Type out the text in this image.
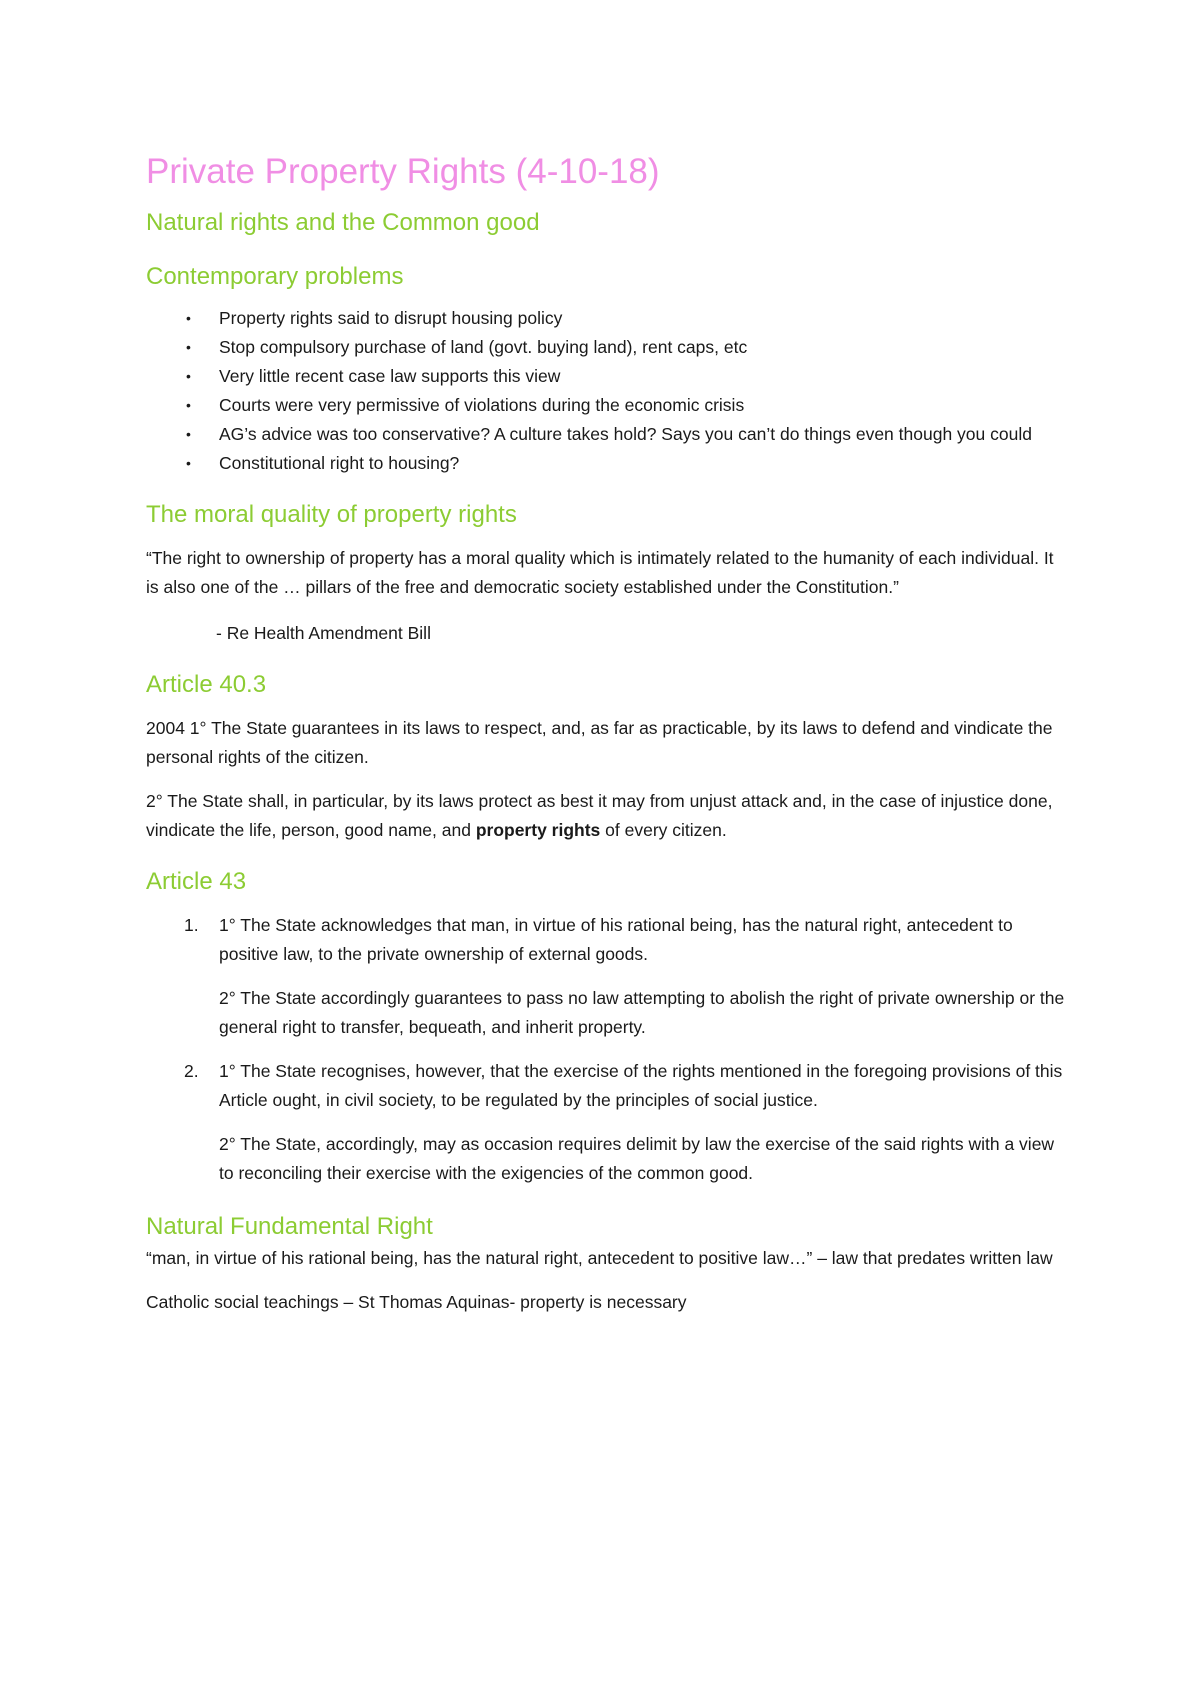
Private Property Rights (4-10-18)
Natural rights and the Common good
Contemporary problems
• Property rights said to disrupt housing policy
• Stop compulsory purchase of land (govt. buying land), rent caps, etc
• Very little recent case law supports this view
• Courts were very permissive of violations during the economic crisis
• AG’s advice was too conservative? A culture takes hold? Says you can’t do things even though you could
• Constitutional right to housing?
The moral quality of property rights

“The right to ownership of property has a moral quality which is intimately related to the humanity of each individual. It is also one of the … pillars of the free and democratic society established under the Constitution.”

- Re Health Amendment Bill

Article 40.3

2004 1° The State guarantees in its laws to respect, and, as far as practicable, by its laws to defend and vindicate the personal rights of the citizen.

2° The State shall, in particular, by its laws protect as best it may from unjust attack and, in the case of injustice done, vindicate the life, person, good name, and property rights of every citizen.

Article 43
1. 1° The State acknowledges that man, in virtue of his rational being, has the natural right, antecedent to positive law, to the private ownership of external goods.

2° The State accordingly guarantees to pass no law attempting to abolish the right of private ownership or the general right to transfer, bequeath, and inherit property.

2. 1° The State recognises, however, that the exercise of the rights mentioned in the foregoing provisions of this Article ought, in civil society, to be regulated by the principles of social justice.

2° The State, accordingly, may as occasion requires delimit by law the exercise of the said rights with a view to reconciling their exercise with the exigencies of the common good.

Natural Fundamental Right

“man, in virtue of his rational being, has the natural right, antecedent to positive law…” – law that predates written law

Catholic social teachings – St Thomas Aquinas- property is necessary
